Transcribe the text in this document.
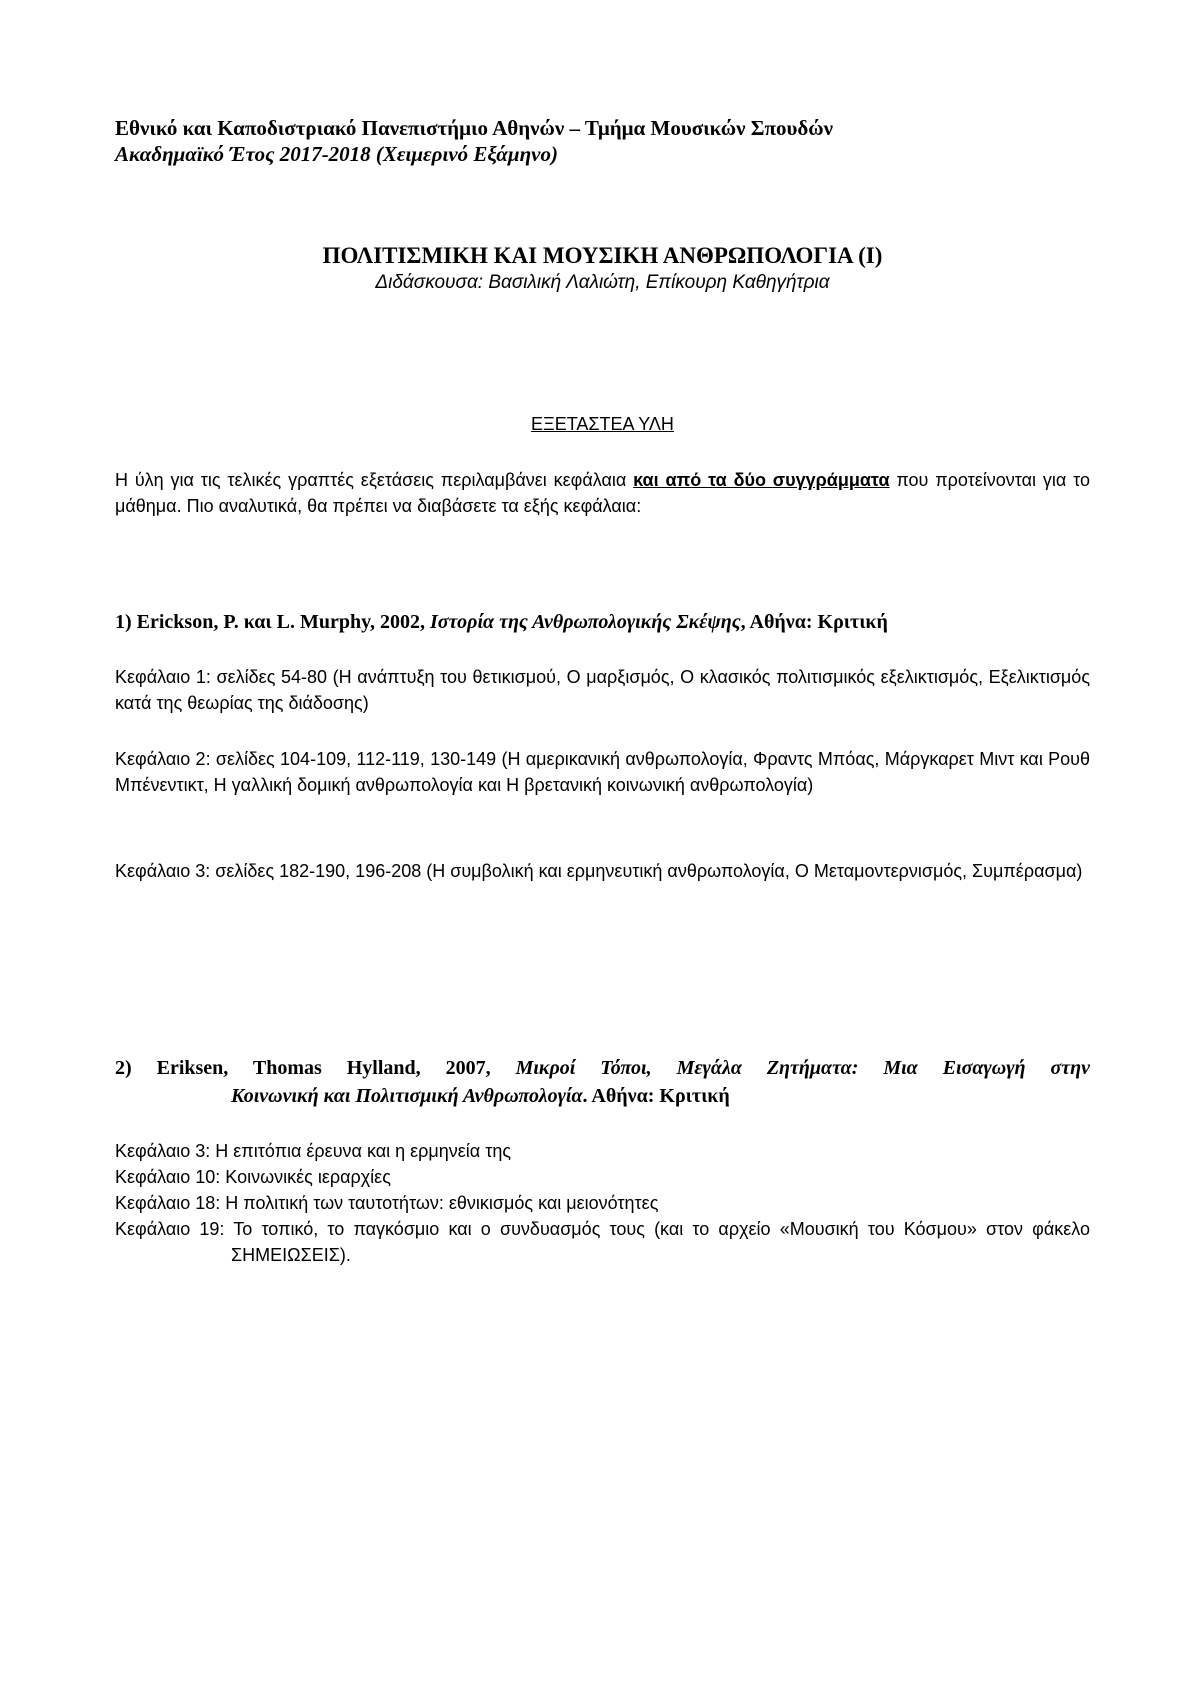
Εθνικό και Καποδιστριακό Πανεπιστήμιο Αθηνών – Τμήμα Μουσικών Σπουδών
Ακαδημαϊκό Έτος 2017-2018 (Χειμερινό Εξάμηνο)
ΠΟΛΙΤΙΣΜΙΚΗ ΚΑΙ ΜΟΥΣΙΚΗ ΑΝΘΡΩΠΟΛΟΓΙΑ (Ι)
Διδάσκουσα: Βασιλική Λαλιώτη, Επίκουρη Καθηγήτρια
ΕΞΕΤΑΣΤΕΑ ΥΛΗ
Η ύλη για τις τελικές γραπτές εξετάσεις περιλαμβάνει κεφάλαια και από τα δύο συγγράμματα που προτείνονται για το μάθημα. Πιο αναλυτικά, θα πρέπει να διαβάσετε τα εξής κεφάλαια:
1) Erickson, P. και L. Murphy, 2002, Ιστορία της Ανθρωπολογικής Σκέψης, Αθήνα: Κριτική
Κεφάλαιο 1: σελίδες 54-80 (Η ανάπτυξη του θετικισμού, Ο μαρξισμός, Ο κλασικός πολιτισμικός εξελικτισμός, Εξελικτισμός κατά της θεωρίας της διάδοσης)
Κεφάλαιο 2: σελίδες 104-109, 112-119, 130-149 (Η αμερικανική ανθρωπολογία, Φραντς Μπόας, Μάργκαρετ Μιντ και Ρουθ Μπένεντικτ, Η γαλλική δομική ανθρωπολογία και Η βρετανική κοινωνική ανθρωπολογία)
Κεφάλαιο 3: σελίδες 182-190, 196-208 (Η συμβολική και ερμηνευτική ανθρωπολογία, Ο Μεταμοντερνισμός, Συμπέρασμα)
2) Eriksen, Thomas Hylland, 2007, Μικροί Τόποι, Μεγάλα Ζητήματα: Μια Εισαγωγή στην
Κοινωνική και Πολιτισμική Ανθρωπολογία. Αθήνα: Κριτική
Κεφάλαιο 3: Η επιτόπια έρευνα και η ερμηνεία της
Κεφάλαιο 10: Κοινωνικές ιεραρχίες
Κεφάλαιο 18: Η πολιτική των ταυτοτήτων: εθνικισμός και μειονότητες
Κεφάλαιο 19: Το τοπικό, το παγκόσμιο και ο συνδυασμός τους (και το αρχείο «Μουσική του Κόσμου» στον φάκελο ΣΗΜΕΙΩΣΕΙΣ).
